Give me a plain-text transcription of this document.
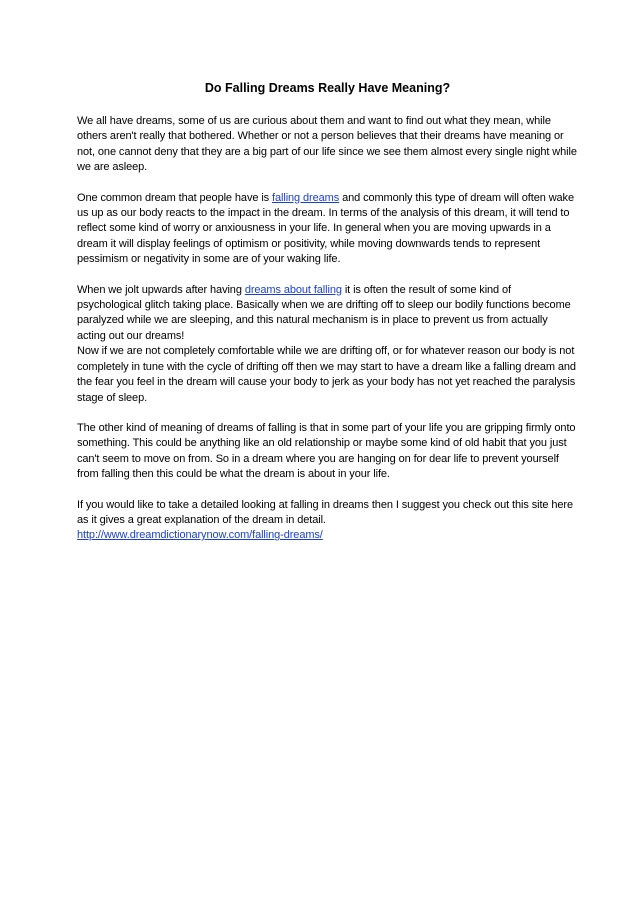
Do Falling Dreams Really Have Meaning?

We all have dreams, some of us are curious about them and want to find out what they mean, while others aren't really that bothered. Whether or not a person believes that their dreams have meaning or not, one cannot deny that they are a big part of our life since we see them almost every single night while we are asleep.

One common dream that people have is falling dreams and commonly this type of dream will often wake us up as our body reacts to the impact in the dream. In terms of the analysis of this dream, it will tend to reflect some kind of worry or anxiousness in your life. In general when you are moving upwards in a dream it will display feelings of optimism or positivity, while moving downwards tends to represent pessimism or negativity in some are of your waking life.

When we jolt upwards after having dreams about falling it is often the result of some kind of psychological glitch taking place. Basically when we are drifting off to sleep our bodily functions become paralyzed while we are sleeping, and this natural mechanism is in place to prevent us from actually acting out our dreams!

Now if we are not completely comfortable while we are drifting off, or for whatever reason our body is not completely in tune with the cycle of drifting off then we may start to have a dream like a falling dream and the fear you feel in the dream will cause your body to jerk as your body has not yet reached the paralysis stage of sleep.

The other kind of meaning of dreams of falling is that in some part of your life you are gripping firmly onto something. This could be anything like an old relationship or maybe some kind of old habit that you just can't seem to move on from. So in a dream where you are hanging on for dear life to prevent yourself from falling then this could be what the dream is about in your life.

If you would like to take a detailed looking at falling in dreams then I suggest you check out this site here as it gives a great explanation of the dream in detail.
http://www.dreamdictionarynow.com/falling-dreams/
